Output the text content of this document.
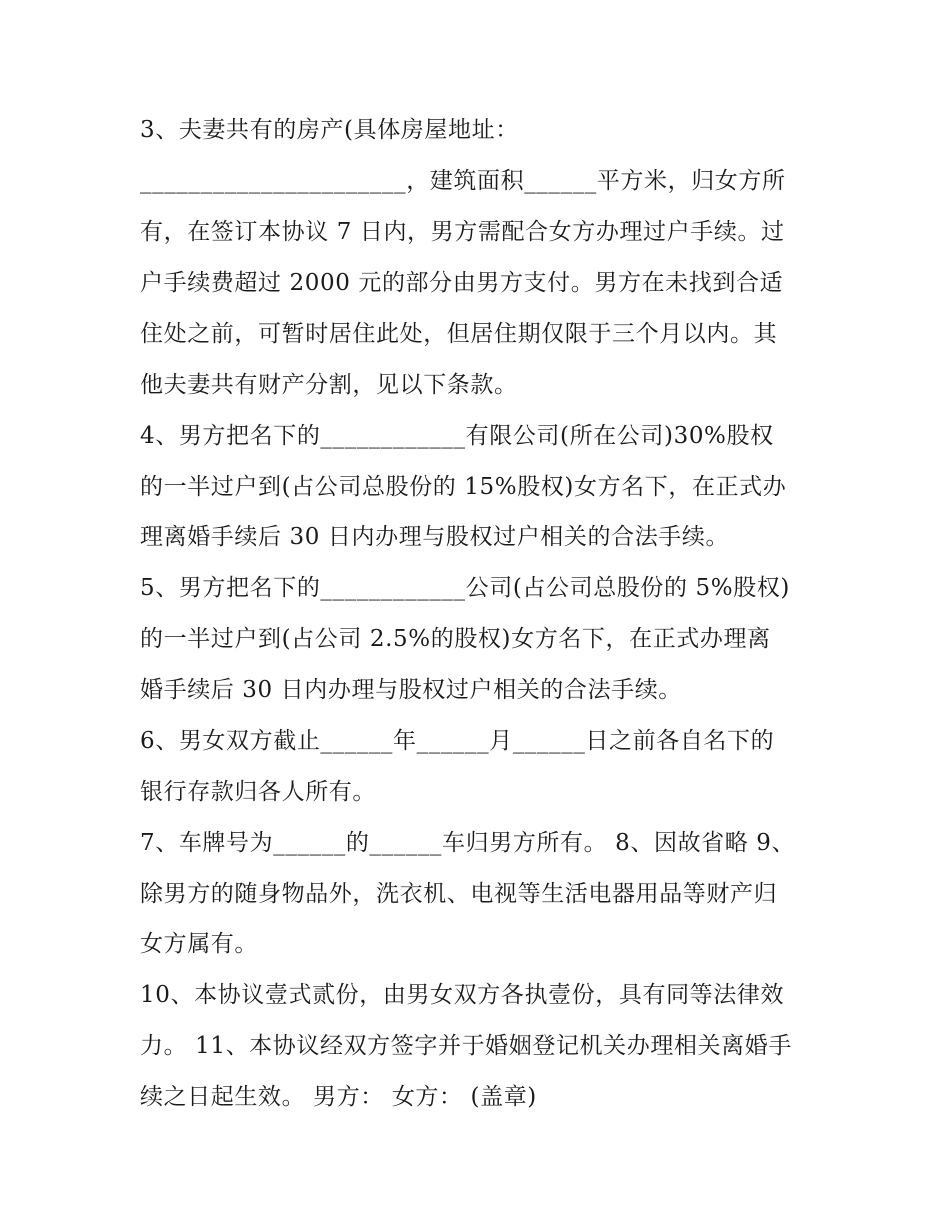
3、夫妻共有的房产(具体房屋地址：
______________________，建筑面积______平方米，归女方所
有，在签订本协议 7 日内，男方需配合女方办理过户手续。过
户手续费超过 2000 元的部分由男方支付。男方在未找到合适
住处之前，可暂时居住此处，但居住期仅限于三个月以内。其
他夫妻共有财产分割，见以下条款。
4、男方把名下的____________有限公司(所在公司)30%股权
的一半过户到(占公司总股份的 15%股权)女方名下，在正式办
理离婚手续后 30 日内办理与股权过户相关的合法手续。
5、男方把名下的____________公司(占公司总股份的 5%股权)
的一半过户到(占公司 2.5%的股权)女方名下，在正式办理离
婚手续后 30 日内办理与股权过户相关的合法手续。
6、男女双方截止______年______月______日之前各自名下的
银行存款归各人所有。
7、车牌号为______的______车归男方所有。 8、因故省略 9、
除男方的随身物品外，洗衣机、电视等生活电器用品等财产归
女方属有。
10、本协议壹式贰份，由男女双方各执壹份，具有同等法律效
力。 11、本协议经双方签字并于婚姻登记机关办理相关离婚手
续之日起生效。 男方： 女方： (盖章)
